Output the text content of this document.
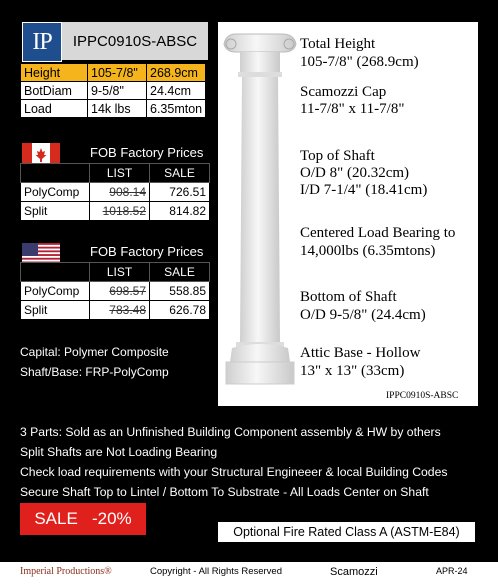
IP	IPPC0910S-ABSC
Height	105-7/8"	268.9cm
BotDiam	9-5/8"	24.4cm
Load	14k lbs	6.35mton
FOB Factory Prices
	LIST	SALE
PolyComp	908.14	726.51
Split	1018.52	814.82
FOB Factory Prices
	LIST	SALE
PolyComp	698.57	558.85
Split	783.48	626.78
Capital: Polymer Composite
Shaft/Base: FRP-PolyComp
Total Height
105-7/8" (268.9cm)
Scamozzi Cap
11-7/8" x 11-7/8"
Top of Shaft
O/D 8" (20.32cm)
I/D 7-1/4" (18.41cm)
Centered Load Bearing to
14,000lbs (6.35mtons)
Bottom of Shaft
O/D 9-5/8" (24.4cm)
Attic Base - Hollow
13" x 13" (33cm)
IPPC0910S-ABSC
3 Parts: Sold as an Unfinished Building Component assembly & HW by others
Split Shafts are Not Loading Bearing
Check load requirements with your Structural Engineeer & local Building Codes
Secure Shaft Top to Lintel / Bottom To Substrate - All Loads Center on Shaft
SALE   -20%
Optional Fire Rated Class A (ASTM-E84)
Imperial Productions®	Copyright - All Rights Reserved	Scamozzi	APR-24
